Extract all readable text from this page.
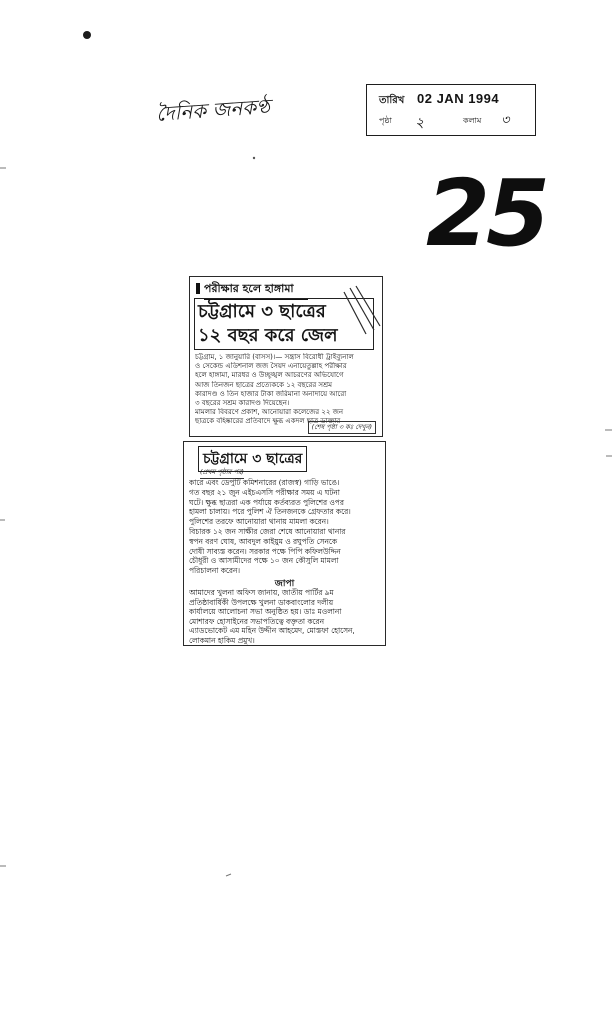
দৈনিক জনকণ্ঠ	তারিখ 02 JAN 1994
পৃষ্ঠা ২	কলাম ৩
25
পরীক্ষার হলে হাঙ্গামা
চট্টগ্রামে ৩ ছাত্রের
১২ বছর করে জেল
চট্টগ্রাম, ১ জানুয়ারি (বাসস)।— সন্ত্রাস বিরোধী ট্রাইব্যুনাল
ও সেকেন্ড এডিশনাল জজ সৈয়দ এনায়েতুল্লাহ পরীক্ষার
হলে হাঙ্গামা, মারধর ও উচ্ছৃঙ্খল আচরণের অভিযোগে
আজ তিনজন ছাত্রের প্রত্যেককে ১২ বছরের সশ্রম
কারাদণ্ড ও তিন হাজার টাকা জরিমানা অনাদায়ে আরো
৩ বছরের সশ্রম কারাদণ্ড দিয়েছেন।
মামলার বিবরণে প্রকাশ, আনোয়ারা কলেজের ২২ জন
ছাত্রকে বহিষ্কারের প্রতিবাদে ক্ষুব্ধ একদল ছাত্র ডাক্তার
(শেষ পৃষ্ঠা ৩ কঃ দেখুন)
চট্টগ্রামে ৩ ছাত্রের
(প্রথম পৃষ্ঠার পর)
কারে এবং ডেপুটি কমিশনারের (রাজস্ব) গাড়ি ভাঙে।
গত বছর ২১ জুন এইচএসসি পরীক্ষার সময় এ ঘটনা
ঘটে। ক্ষুব্ধ ছাত্ররা এক পর্যায়ে কর্তব্যরত পুলিশের ওপর
হামলা চালায়। পরে পুলিশ ঐ তিনজনকে গ্রেফতার করে।
পুলিশের তরফে আনোয়ারা থানায় মামলা করেন।
বিচারক ১২ জন সাক্ষীর জেরা শেষে আনোয়ারা থানার
স্বপন বরণ ঘোষ, আবদুল কাইয়ুম ও রঘুপতি সেনকে
দোষী সাব্যস্ত করেন। সরকার পক্ষে পিপি কফিলউদ্দিন
চৌধুরী ও আসামীদের পক্ষে ১০ জন কৌসুলি মামলা
পরিচালনা করেন।
জাপা
আমাদের খুলনা অফিস জানায়, জাতীয় পার্টির ৯ম
প্রতিষ্ঠাবার্ষিকী উপলক্ষে খুলনা ডাকবাংলোর দলীয়
কার্যালয়ে আলোচনা সভা অনুষ্ঠিত হয়। ডাঃ মওলানা
মোশারফ হোসাইনের সভাপতিত্বে বক্তৃতা করেন
এ্যাডভোকেট এম মহিন উদ্দীন আহমেদ, মোস্তফা হোসেন,
লোকমান হাকিম প্রমুখ।
